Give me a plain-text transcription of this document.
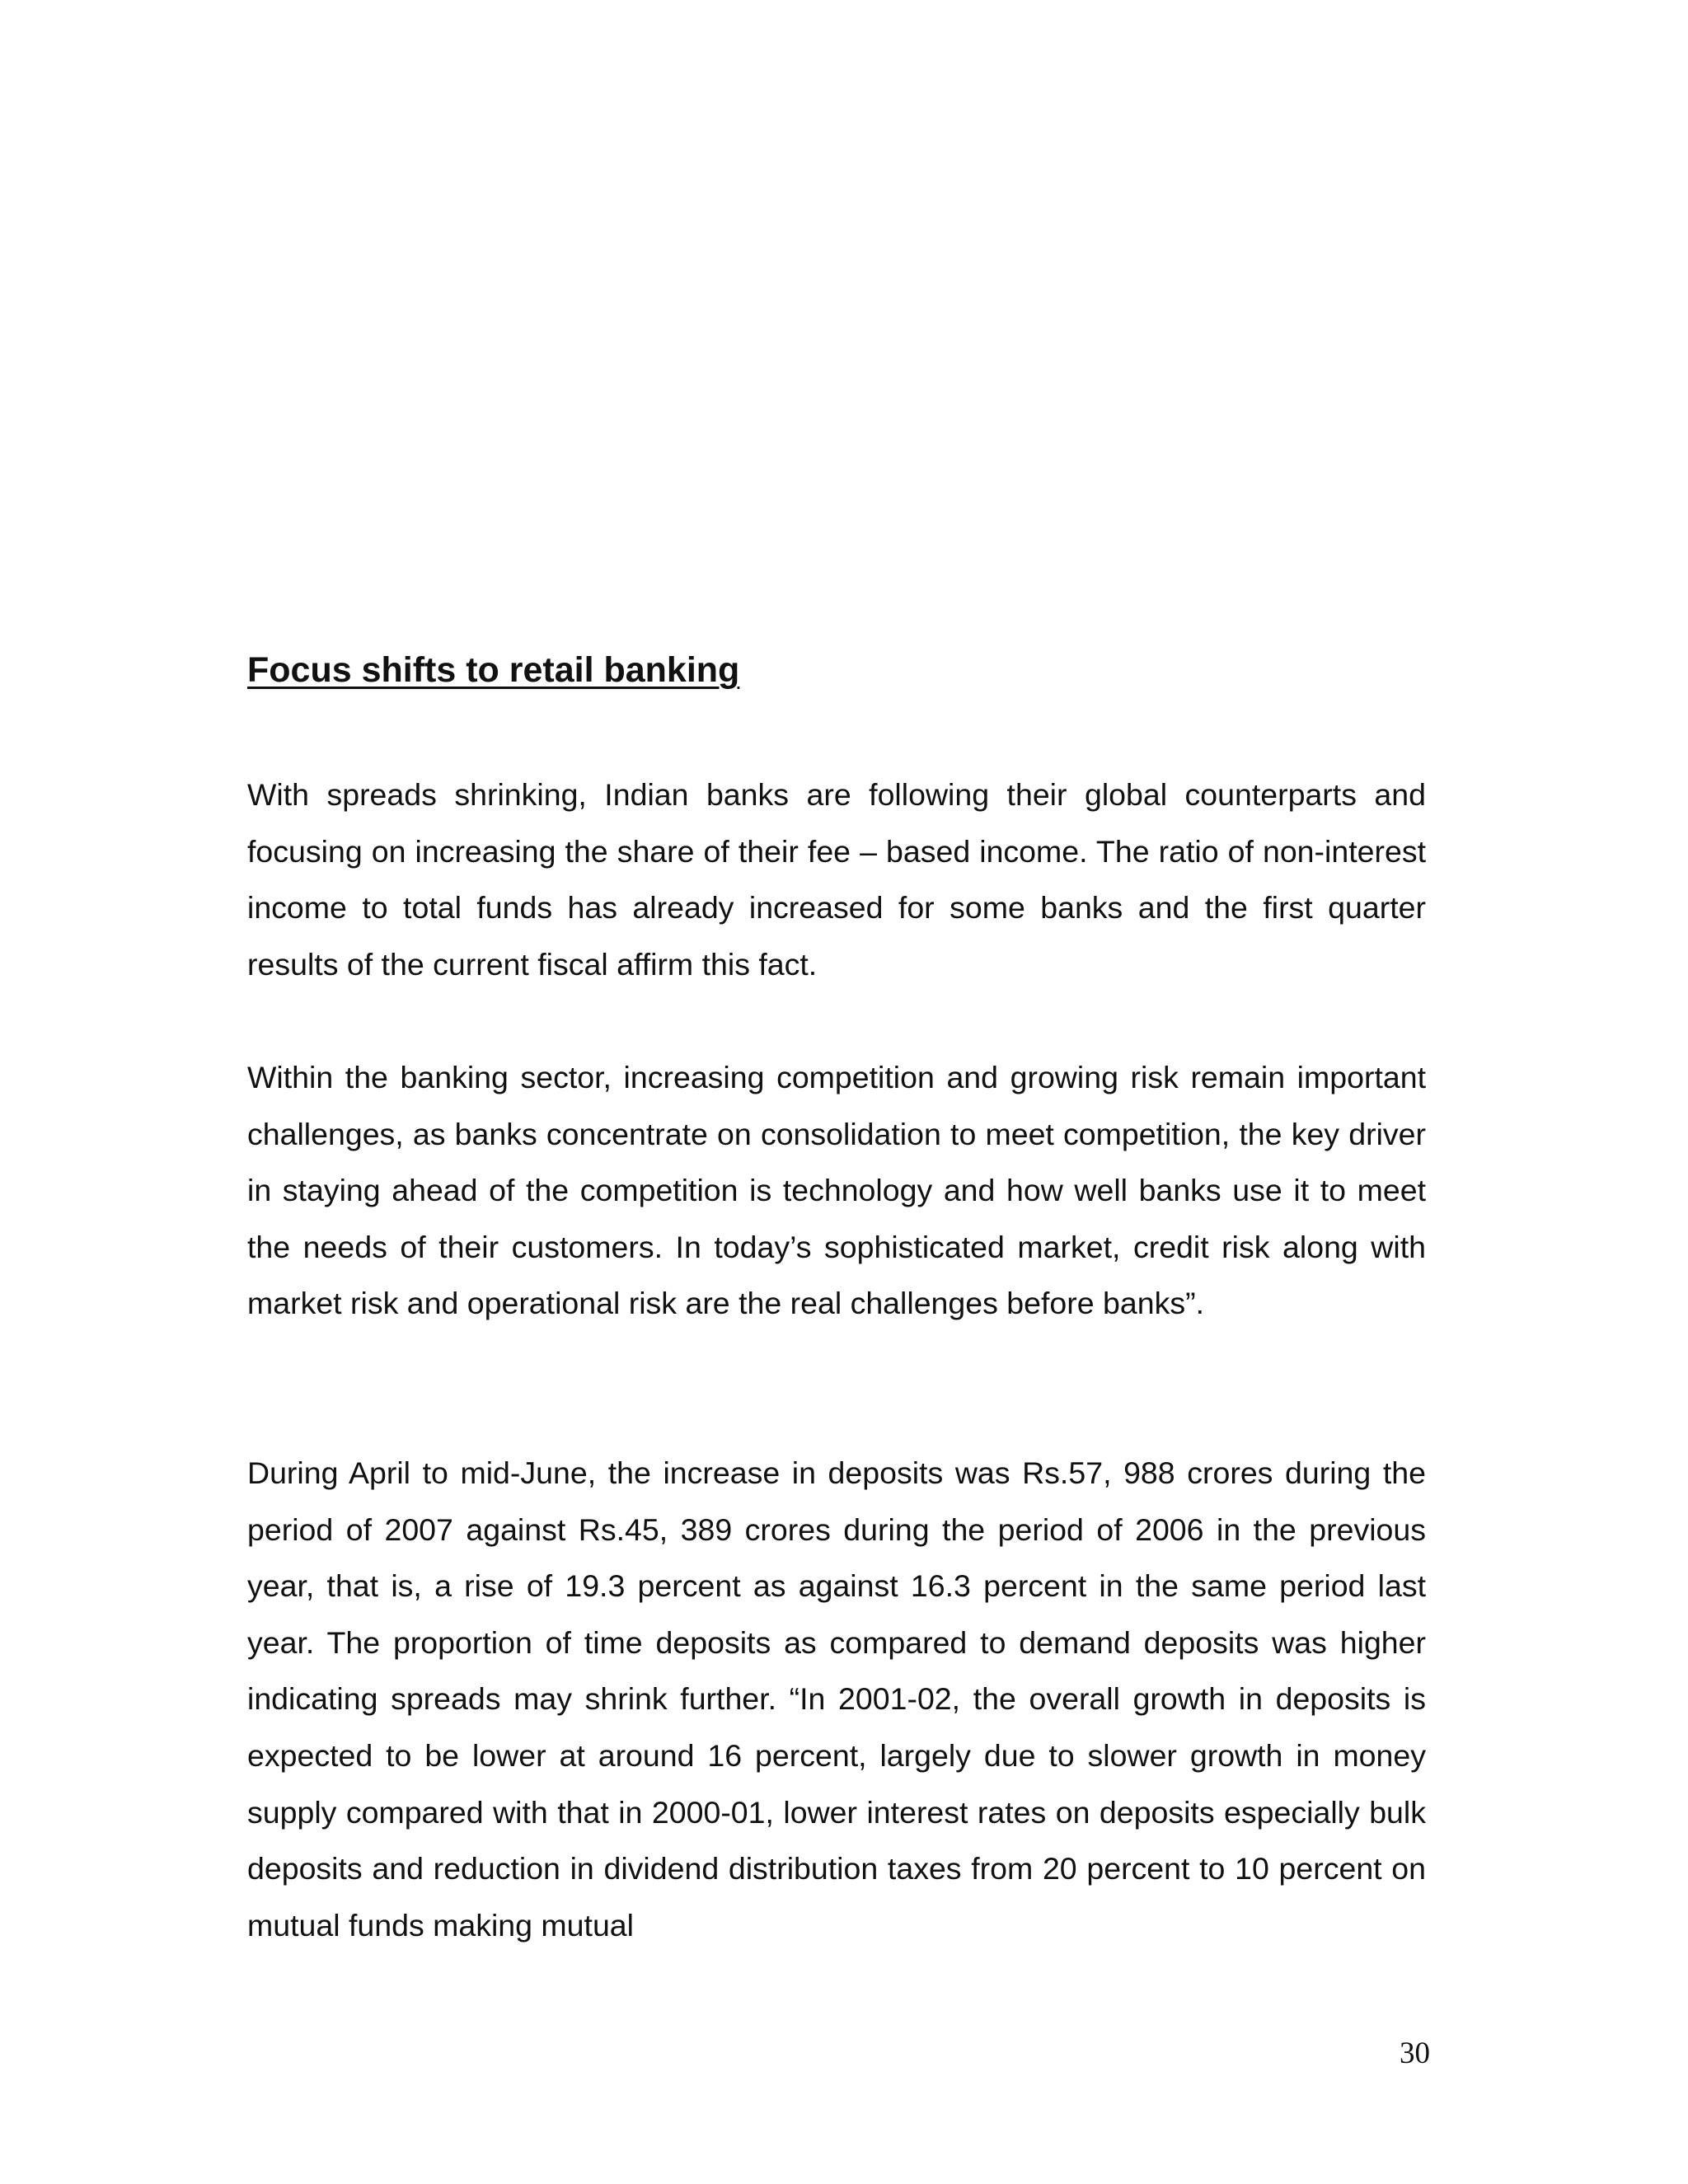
Focus shifts to retail banking

With spreads shrinking, Indian banks are following their global counterparts and focusing on increasing the share of their fee – based income. The ratio of non-interest income to total funds has already increased for some banks and the first quarter results of the current fiscal affirm this fact.

Within the banking sector, increasing competition and growing risk remain important challenges, as banks concentrate on consolidation to meet competition, the key driver in staying ahead of the competition is technology and how well banks use it to meet the needs of their customers. In today’s sophisticated market, credit risk along with market risk and operational risk are the real challenges before banks”.

During April to mid-June, the increase in deposits was Rs.57, 988 crores during the period of 2007 against Rs.45, 389 crores during the period of 2006 in the previous year, that is, a rise of 19.3 percent as against 16.3 percent in the same period last year. The proportion of time deposits as compared to demand deposits was higher indicating spreads may shrink further. “In 2001-02, the overall growth in deposits is expected to be lower at around 16 percent, largely due to slower growth in money supply compared with that in 2000-01, lower interest rates on deposits especially bulk deposits and reduction in dividend distribution taxes from 20 percent to 10 percent on mutual funds making mutual

30
